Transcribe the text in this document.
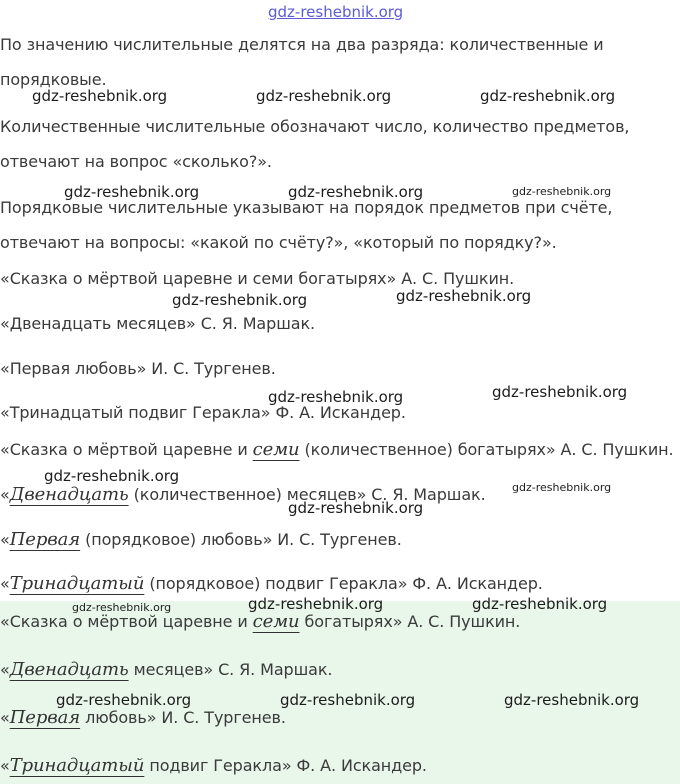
gdz-reshebnik.org
По значению числительные делятся на два разряда: количественные и
порядковые.
Количественные числительные обозначают число, количество предметов,
отвечают на вопрос «сколько?».
Порядковые числительные указывают на порядок предметов при счёте,
отвечают на вопросы: «какой по счёту?», «который по порядку?».
«Сказка о мёртвой царевне и семи богатырях» А. С. Пушкин.
«Двенадцать месяцев» С. Я. Маршак.
«Первая любовь» И. С. Тургенев.
«Тринадцатый подвиг Геракла» Ф. А. Искандер.
«Сказка о мёртвой царевне и семи (количественное) богатырях» А. С. Пушкин.
«Двенадцать (количественное) месяцев» С. Я. Маршак.
«Первая (порядковое) любовь» И. С. Тургенев.
«Тринадцатый (порядковое) подвиг Геракла» Ф. А. Искандер.
«Сказка о мёртвой царевне и семи богатырях» А. С. Пушкин.
«Двенадцать месяцев» С. Я. Маршак.
«Первая любовь» И. С. Тургенев.
«Тринадцатый подвиг Геракла» Ф. А. Искандер.
gdz-reshebnik.org	gdz-reshebnik.org	gdz-reshebnik.org
gdz-reshebnik.org	gdz-reshebnik.org	gdz-reshebnik.org
gdz-reshebnik.org	gdz-reshebnik.org
gdz-reshebnik.org	gdz-reshebnik.org
gdz-reshebnik.org
gdz-reshebnik.org
gdz-reshebnik.org
gdz-reshebnik.org	gdz-reshebnik.org	gdz-reshebnik.org
gdz-reshebnik.org	gdz-reshebnik.org	gdz-reshebnik.org
